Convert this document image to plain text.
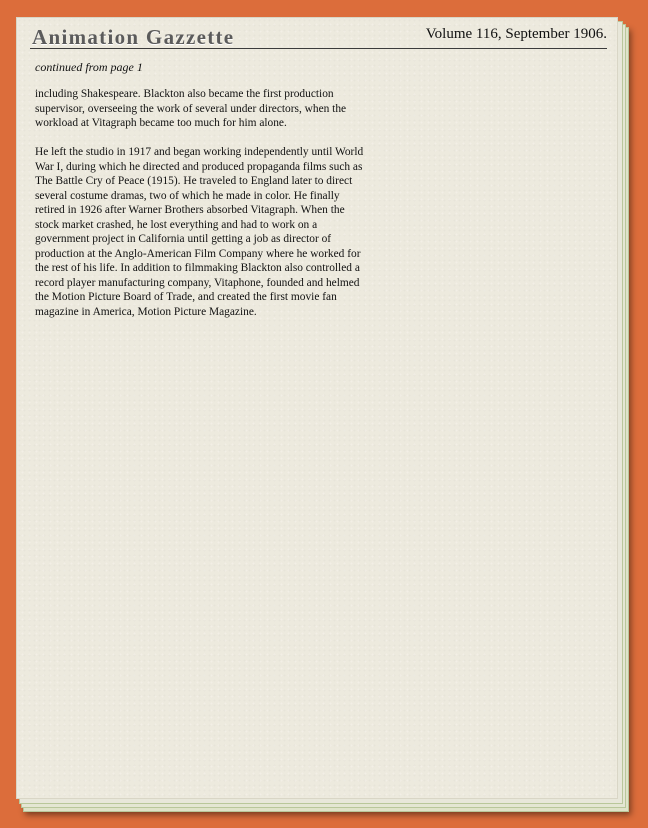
Animation Gazzette	Volume 116, September 1906.
continued from page 1

including Shakespeare. Blackton also became the first production supervisor, overseeing the work of several under directors, when the workload at Vitagraph became too much for him alone.

He left the studio in 1917 and began working independently until World War I, during which he directed and produced propaganda films such as The Battle Cry of Peace (1915). He traveled to England later to direct several costume dramas, two of which he made in color. He finally retired in 1926 after Warner Brothers absorbed Vitagraph. When the stock market crashed, he lost everything and had to work on a government project in California until getting a job as director of production at the Anglo-American Film Company where he worked for the rest of his life. In addition to filmmaking Blackton also controlled a record player manufacturing company, Vitaphone, founded and helmed the Motion Picture Board of Trade, and created the first movie fan magazine in America, Motion Picture Magazine.
